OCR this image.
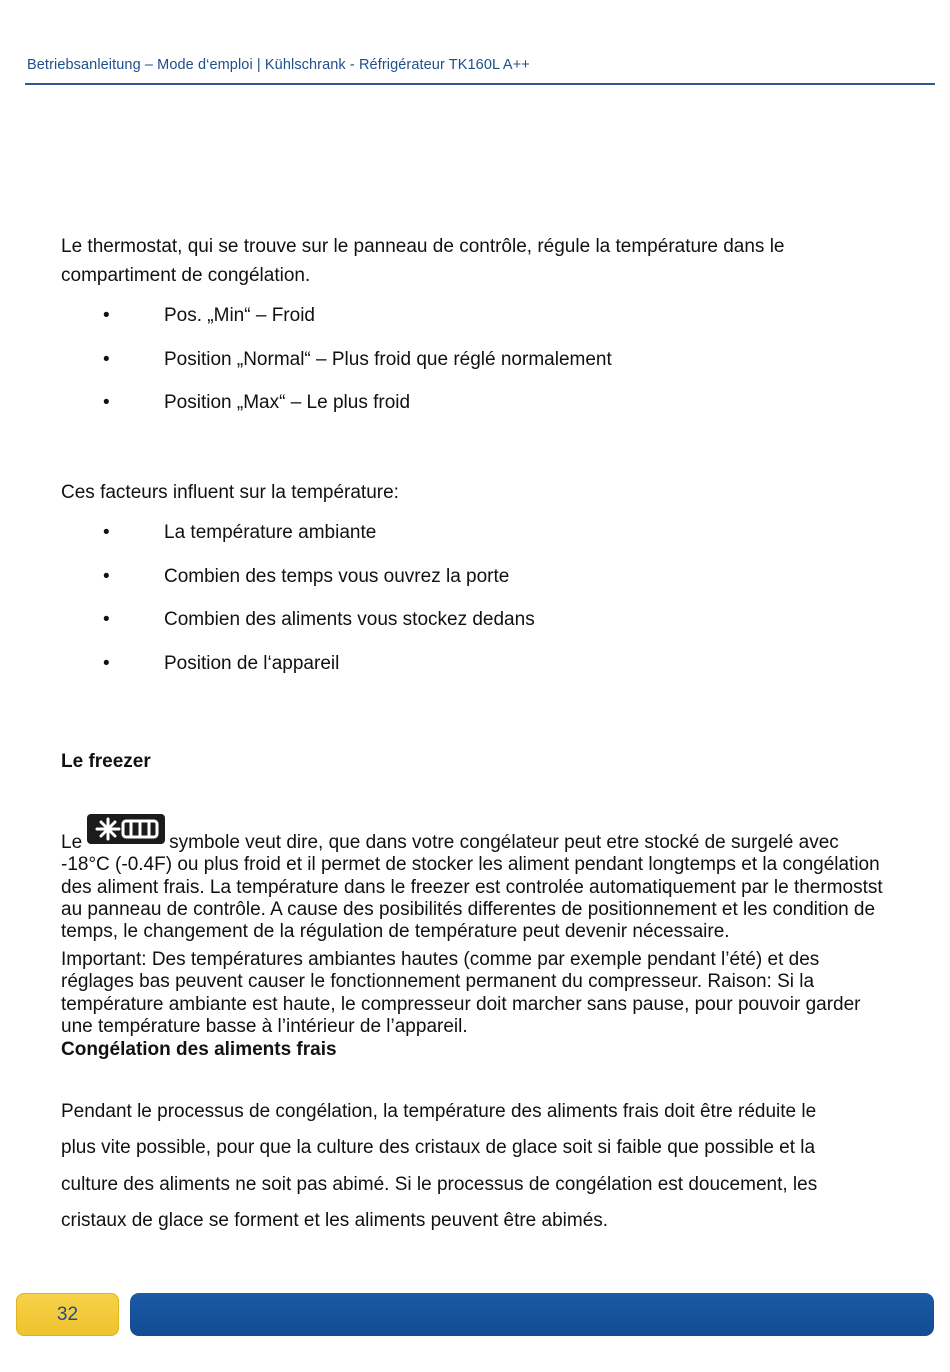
Betriebsanleitung – Mode d‘emploi | Kühlschrank - Réfrigérateur TK160L A++

Le thermostat, qui se trouve sur le panneau de contrôle, régule la température dans le compartiment de congélation.

•	Pos. „Min“ – Froid
•	Position „Normal“ – Plus froid que réglé normalement
•	Position „Max“ – Le plus froid

Ces facteurs influent sur la température:

•	La température ambiante
•	Combien des temps vous ouvrez la porte
•	Combien des aliments vous stockez dedans
•	Position de l‘appareil

Le freezer

Le	symbole veut dire, que dans votre congélateur peut etre stocké de surgelé avec -18°C (-0.4F) ou plus froid et il permet de stocker les aliment pendant longtemps et la congélation des aliment frais. La température dans le freezer est controlée automatiquement par le thermostst au panneau de contrôle. A cause des posibilités differentes de positionnement et les condition de temps, le changement de la régulation de température peut devenir nécessaire.

Important: Des températures ambiantes hautes (comme par exemple pendant l’été) et des réglages bas peuvent causer le fonctionnement permanent du compresseur. Raison: Si la température ambiante est haute, le compresseur doit marcher sans pause, pour pouvoir garder une température basse à l’intérieur de l’appareil.

Congélation des aliments frais

Pendant le processus de congélation, la température des aliments frais doit être réduite le plus vite possible, pour que la culture des cristaux de glace soit si faible que possible et la culture des aliments ne soit pas abimé. Si le processus de congélation est doucement, les cristaux de glace se forment et les aliments peuvent être abimés.

32
